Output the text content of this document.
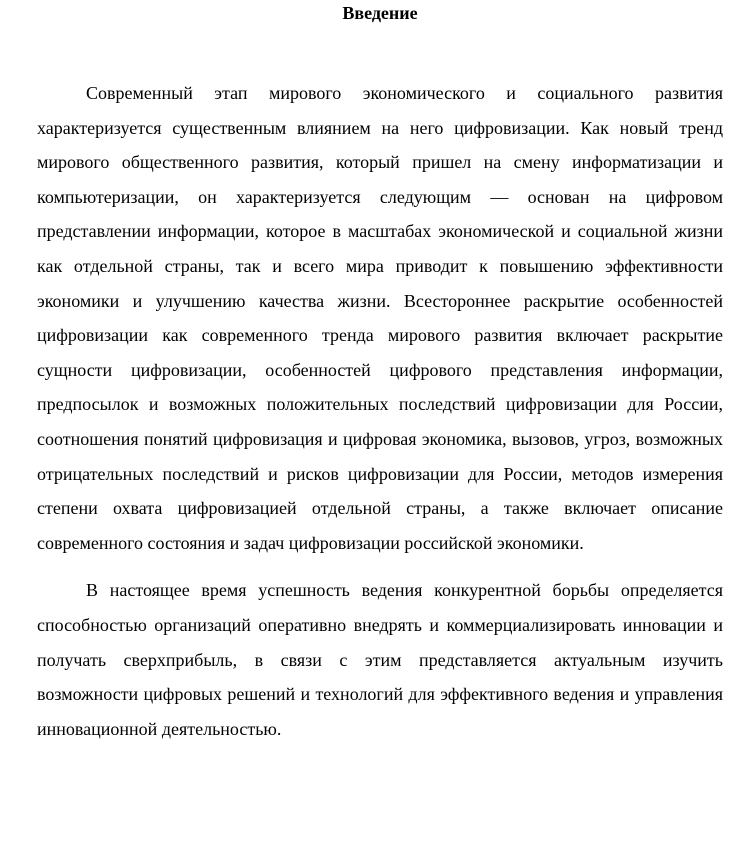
Введение

Современный этап мирового экономического и социального развития характеризуется существенным влиянием на него цифровизации. Как новый тренд мирового общественного развития, который пришел на смену информатизации и компьютеризации, он характеризуется следующим — основан на цифровом представлении информации, которое в масштабах экономической и социальной жизни как отдельной страны, так и всего мира приводит к повышению эффективности экономики и улучшению качества жизни. Всестороннее раскрытие особенностей цифровизации как современного тренда мирового развития включает раскрытие сущности цифровизации, особенностей цифрового представления информации, предпосылок и возможных положительных последствий цифровизации для России, соотношения понятий цифровизация и цифровая экономика, вызовов, угроз, возможных отрицательных последствий и рисков цифровизации для России, методов измерения степени охвата цифровизацией отдельной страны, а также включает описание современного состояния и задач цифровизации российской экономики.

В настоящее время успешность ведения конкурентной борьбы определяется способностью организаций оперативно внедрять и коммерциализировать инновации и получать сверхприбыль, в связи с этим представляется актуальным изучить возможности цифровых решений и технологий для эффективного ведения и управления инновационной деятельностью.
